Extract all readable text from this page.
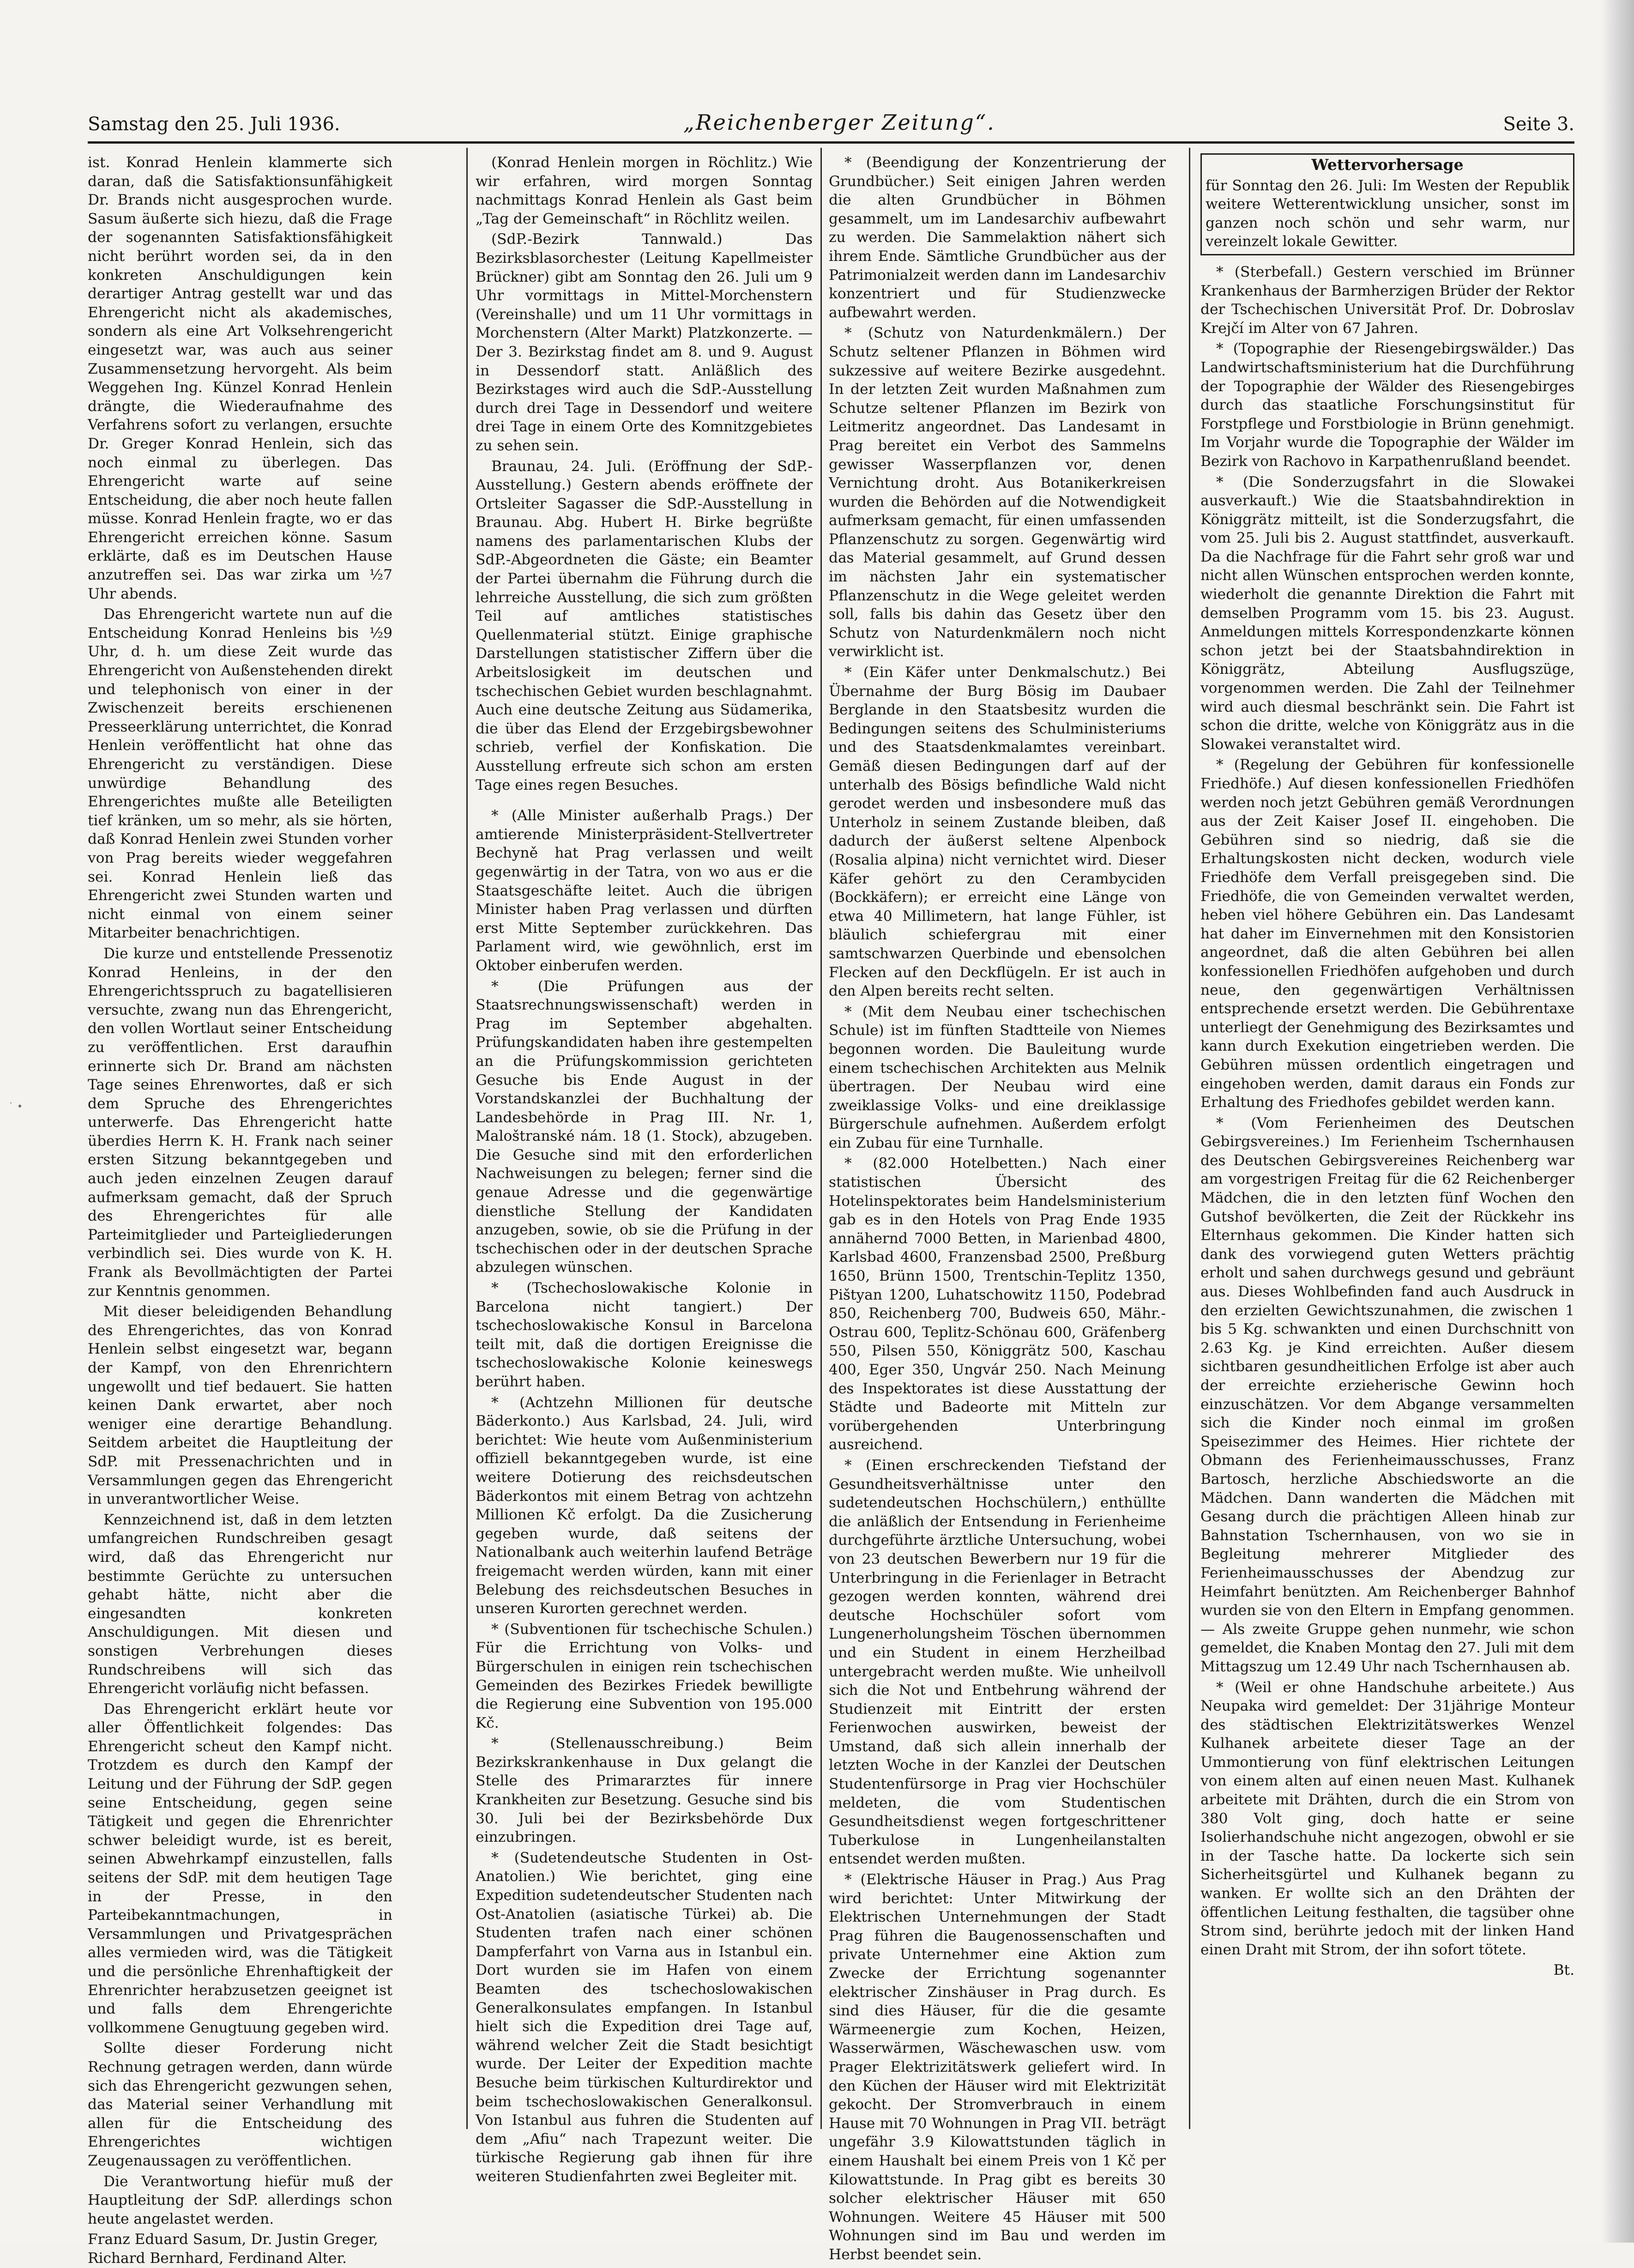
Samstag den 25. Juli 1936.	„Reichenberger Zeitung“.	Seite 3.
˙

ist. Konrad Henlein klammerte sich daran, daß die Satisfaktionsunfähigkeit Dr. Brands nicht ausgesprochen wurde. Sasum äußerte sich hiezu, daß die Frage der sogenannten Satisfaktionsfähigkeit nicht berührt worden sei, da in den konkreten Anschuldigungen kein derartiger Antrag gestellt war und das Ehrengericht nicht als akademisches, sondern als eine Art Volksehrengericht eingesetzt war, was auch aus seiner Zusammensetzung hervorgeht. Als beim Weggehen Ing. Künzel Konrad Henlein drängte, die Wiederaufnahme des Verfahrens sofort zu verlangen, ersuchte Dr. Greger Konrad Henlein, sich das noch einmal zu überlegen. Das Ehrengericht warte auf seine Entscheidung, die aber noch heute fallen müsse. Konrad Henlein fragte, wo er das Ehrengericht erreichen könne. Sasum erklärte, daß es im Deutschen Hause anzutreffen sei. Das war zirka um ½7 Uhr abends.

Das Ehrengericht wartete nun auf die Entscheidung Konrad Henleins bis ½9 Uhr, d. h. um diese Zeit wurde das Ehrengericht von Außenstehenden direkt und telephonisch von einer in der Zwischenzeit bereits erschienenen Presseerklärung unterrichtet, die Konrad Henlein veröffentlicht hat ohne das Ehrengericht zu verständigen. Diese unwürdige Behandlung des Ehrengerichtes mußte alle Beteiligten tief kränken, um so mehr, als sie hörten, daß Konrad Henlein zwei Stunden vorher von Prag bereits wieder weggefahren sei. Konrad Henlein ließ das Ehrengericht zwei Stunden warten und nicht einmal von einem seiner Mitarbeiter benachrichtigen.

Die kurze und entstellende Pressenotiz Konrad Henleins, in der den Ehrengerichtsspruch zu bagatellisieren versuchte, zwang nun das Ehrengericht, den vollen Wortlaut seiner Entscheidung zu veröffentlichen. Erst daraufhin erinnerte sich Dr. Brand am nächsten Tage seines Ehrenwortes, daß er sich dem Spruche des Ehrengerichtes unterwerfe. Das Ehrengericht hatte überdies Herrn K. H. Frank nach seiner ersten Sitzung bekanntgegeben und auch jeden einzelnen Zeugen darauf aufmerksam gemacht, daß der Spruch des Ehrengerichtes für alle Parteimitglieder und Parteigliederungen verbindlich sei. Dies wurde von K. H. Frank als Bevollmächtigten der Partei zur Kenntnis genommen.

Mit dieser beleidigenden Behandlung des Ehrengerichtes, das von Konrad Henlein selbst eingesetzt war, begann der Kampf, von den Ehrenrichtern ungewollt und tief bedauert. Sie hatten keinen Dank erwartet, aber noch weniger eine derartige Behandlung. Seitdem arbeitet die Hauptleitung der SdP. mit Pressenachrichten und in Versammlungen gegen das Ehrengericht in unverantwortlicher Weise.

Kennzeichnend ist, daß in dem letzten umfangreichen Rundschreiben gesagt wird, daß das Ehrengericht nur bestimmte Gerüchte zu untersuchen gehabt hätte, nicht aber die eingesandten konkreten Anschuldigungen. Mit diesen und sonstigen Verbrehungen dieses Rundschreibens will sich das Ehrengericht vorläufig nicht befassen.

Das Ehrengericht erklärt heute vor aller Öffentlichkeit folgendes: Das Ehrengericht scheut den Kampf nicht. Trotzdem es durch den Kampf der Leitung und der Führung der SdP. gegen seine Entscheidung, gegen seine Tätigkeit und gegen die Ehrenrichter schwer beleidigt wurde, ist es bereit, seinen Abwehrkampf einzustellen, falls seitens der SdP. mit dem heutigen Tage in der Presse, in den Parteibekanntmachungen, in Versammlungen und Privatgesprächen alles vermieden wird, was die Tätigkeit und die persönliche Ehrenhaftigkeit der Ehrenrichter herabzusetzen geeignet ist und falls dem Ehrengerichte vollkommene Genugtuung gegeben wird.

Sollte dieser Forderung nicht Rechnung getragen werden, dann würde sich das Ehrengericht gezwungen sehen, das Material seiner Verhandlung mit allen für die Entscheidung des Ehrengerichtes wichtigen Zeugenaussagen zu veröffentlichen.

Die Verantwortung hiefür muß der Hauptleitung der SdP. allerdings schon heute angelastet werden.

Franz Eduard Sasum, Dr. Justin Greger, Richard Bernhard, Ferdinand Alter.

(Konrad Henlein morgen in Röchlitz.) Wie wir erfahren, wird morgen Sonntag nachmittags Konrad Henlein als Gast beim „Tag der Gemeinschaft“ in Röchlitz weilen.

(SdP.-Bezirk Tannwald.) Das Bezirksblasorchester (Leitung Kapellmeister Brückner) gibt am Sonntag den 26. Juli um 9 Uhr vormittags in Mittel-Morchenstern (Vereinshalle) und um 11 Uhr vormittags in Morchenstern (Alter Markt) Platzkonzerte. — Der 3. Bezirkstag findet am 8. und 9. August in Dessendorf statt. Anläßlich des Bezirkstages wird auch die SdP.-Ausstellung durch drei Tage in Dessendorf und weitere drei Tage in einem Orte des Komnitzgebietes zu sehen sein.

Braunau, 24. Juli. (Eröffnung der SdP.-Ausstellung.) Gestern abends eröffnete der Ortsleiter Sagasser die SdP.-Ausstellung in Braunau. Abg. Hubert H. Birke begrüßte namens des parlamentarischen Klubs der SdP.-Abgeordneten die Gäste; ein Beamter der Partei übernahm die Führung durch die lehrreiche Ausstellung, die sich zum größten Teil auf amtliches statistisches Quellenmaterial stützt. Einige graphische Darstellungen statistischer Ziffern über die Arbeitslosigkeit im deutschen und tschechischen Gebiet wurden beschlagnahmt. Auch eine deutsche Zeitung aus Südamerika, die über das Elend der Erzgebirgsbewohner schrieb, verfiel der Konfiskation. Die Ausstellung erfreute sich schon am ersten Tage eines regen Besuches.

* (Alle Minister außerhalb Prags.) Der amtierende Ministerpräsident-Stellvertreter Bechyně hat Prag verlassen und weilt gegenwärtig in der Tatra, von wo aus er die Staatsgeschäfte leitet. Auch die übrigen Minister haben Prag verlassen und dürften erst Mitte September zurückkehren. Das Parlament wird, wie gewöhnlich, erst im Oktober einberufen werden.

* (Die Prüfungen aus der Staatsrechnungswissenschaft) werden in Prag im September abgehalten. Prüfungskandidaten haben ihre gestempelten an die Prüfungskommission gerichteten Gesuche bis Ende August in der Vorstandskanzlei der Buchhaltung der Landesbehörde in Prag III. Nr. 1, Maloštranské nám. 18 (1. Stock), abzugeben. Die Gesuche sind mit den erforderlichen Nachweisungen zu belegen; ferner sind die genaue Adresse und die gegenwärtige dienstliche Stellung der Kandidaten anzugeben, sowie, ob sie die Prüfung in der tschechischen oder in der deutschen Sprache abzulegen wünschen.

* (Tschechoslowakische Kolonie in Barcelona nicht tangiert.) Der tschechoslowakische Konsul in Barcelona teilt mit, daß die dortigen Ereignisse die tschechoslowakische Kolonie keineswegs berührt haben.

* (Achtzehn Millionen für deutsche Bäderkonto.) Aus Karlsbad, 24. Juli, wird berichtet: Wie heute vom Außenministerium offiziell bekanntgegeben wurde, ist eine weitere Dotierung des reichsdeutschen Bäderkontos mit einem Betrag von achtzehn Millionen Kč erfolgt. Da die Zusicherung gegeben wurde, daß seitens der Nationalbank auch weiterhin laufend Beträge freigemacht werden würden, kann mit einer Belebung des reichsdeutschen Besuches in unseren Kurorten gerechnet werden.

* (Subventionen für tschechische Schulen.) Für die Errichtung von Volks- und Bürgerschulen in einigen rein tschechischen Gemeinden des Bezirkes Friedek bewilligte die Regierung eine Subvention von 195.000 Kč.

* (Stellenausschreibung.) Beim Bezirkskrankenhause in Dux gelangt die Stelle des Primararztes für innere Krankheiten zur Besetzung. Gesuche sind bis 30. Juli bei der Bezirksbehörde Dux einzubringen.

* (Sudetendeutsche Studenten in Ost-Anatolien.) Wie berichtet, ging eine Expedition sudetendeutscher Studenten nach Ost-Anatolien (asiatische Türkei) ab. Die Studenten trafen nach einer schönen Dampferfahrt von Varna aus in Istanbul ein. Dort wurden sie im Hafen von einem Beamten des tschechoslowakischen Generalkonsulates empfangen. In Istanbul hielt sich die Expedition drei Tage auf, während welcher Zeit die Stadt besichtigt wurde. Der Leiter der Expedition machte Besuche beim türkischen Kulturdirektor und beim tschechoslowakischen Generalkonsul. Von Istanbul aus fuhren die Studenten auf dem „Afiu“ nach Trapezunt weiter. Die türkische Regierung gab ihnen für ihre weiteren Studienfahrten zwei Begleiter mit.

* (Beendigung der Konzentrierung der Grundbücher.) Seit einigen Jahren werden die alten Grundbücher in Böhmen gesammelt, um im Landesarchiv aufbewahrt zu werden. Die Sammelaktion nähert sich ihrem Ende. Sämtliche Grundbücher aus der Patrimonialzeit werden dann im Landesarchiv konzentriert und für Studienzwecke aufbewahrt werden.

* (Schutz von Naturdenkmälern.) Der Schutz seltener Pflanzen in Böhmen wird sukzessive auf weitere Bezirke ausgedehnt. In der letzten Zeit wurden Maßnahmen zum Schutze seltener Pflanzen im Bezirk von Leitmeritz angeordnet. Das Landesamt in Prag bereitet ein Verbot des Sammelns gewisser Wasserpflanzen vor, denen Vernichtung droht. Aus Botanikerkreisen wurden die Behörden auf die Notwendigkeit aufmerksam gemacht, für einen umfassenden Pflanzenschutz zu sorgen. Gegenwärtig wird das Material gesammelt, auf Grund dessen im nächsten Jahr ein systematischer Pflanzenschutz in die Wege geleitet werden soll, falls bis dahin das Gesetz über den Schutz von Naturdenkmälern noch nicht verwirklicht ist.

* (Ein Käfer unter Denkmalschutz.) Bei Übernahme der Burg Bösig im Daubaer Berglande in den Staatsbesitz wurden die Bedingungen seitens des Schulministeriums und des Staatsdenkmalamtes vereinbart. Gemäß diesen Bedingungen darf auf der unterhalb des Bösigs befindliche Wald nicht gerodet werden und insbesondere muß das Unterholz in seinem Zustande bleiben, daß dadurch der äußerst seltene Alpenbock (Rosalia alpina) nicht vernichtet wird. Dieser Käfer gehört zu den Cerambyciden (Bockkäfern); er erreicht eine Länge von etwa 40 Millimetern, hat lange Fühler, ist bläulich schiefergrau mit einer samtschwarzen Querbinde und ebensolchen Flecken auf den Deckflügeln. Er ist auch in den Alpen bereits recht selten.

* (Mit dem Neubau einer tschechischen Schule) ist im fünften Stadtteile von Niemes begonnen worden. Die Bauleitung wurde einem tschechischen Architekten aus Melnik übertragen. Der Neubau wird eine zweiklassige Volks- und eine dreiklassige Bürgerschule aufnehmen. Außerdem erfolgt ein Zubau für eine Turnhalle.

* (82.000 Hotelbetten.) Nach einer statistischen Übersicht des Hotelinspektorates beim Handelsministerium gab es in den Hotels von Prag Ende 1935 annähernd 7000 Betten, in Marienbad 4800, Karlsbad 4600, Franzensbad 2500, Preßburg 1650, Brünn 1500, Trentschin-Teplitz 1350, Pištyan 1200, Luhatschowitz 1150, Podebrad 850, Reichenberg 700, Budweis 650, Mähr.-Ostrau 600, Teplitz-Schönau 600, Gräfenberg 550, Pilsen 550, Königgrätz 500, Kaschau 400, Eger 350, Ungvár 250. Nach Meinung des Inspektorates ist diese Ausstattung der Städte und Badeorte mit Mitteln zur vorübergehenden Unterbringung ausreichend.

* (Einen erschreckenden Tiefstand der Gesundheitsverhältnisse unter den sudetendeutschen Hochschülern,) enthüllte die anläßlich der Entsendung in Ferienheime durchgeführte ärztliche Untersuchung, wobei von 23 deutschen Bewerbern nur 19 für die Unterbringung in die Ferienlager in Betracht gezogen werden konnten, während drei deutsche Hochschüler sofort vom Lungenerholungsheim Töschen übernommen und ein Student in einem Herzheilbad untergebracht werden mußte. Wie unheilvoll sich die Not und Entbehrung während der Studienzeit mit Eintritt der ersten Ferienwochen auswirken, beweist der Umstand, daß sich allein innerhalb der letzten Woche in der Kanzlei der Deutschen Studentenfürsorge in Prag vier Hochschüler meldeten, die vom Studentischen Gesundheitsdienst wegen fortgeschrittener Tuberkulose in Lungenheilanstalten entsendet werden mußten.

* (Elektrische Häuser in Prag.) Aus Prag wird berichtet: Unter Mitwirkung der Elektrischen Unternehmungen der Stadt Prag führen die Baugenossenschaften und private Unternehmer eine Aktion zum Zwecke der Errichtung sogenannter elektrischer Zinshäuser in Prag durch. Es sind dies Häuser, für die die gesamte Wärmeenergie zum Kochen, Heizen, Wasserwärmen, Wäschewaschen usw. vom Prager Elektrizitätswerk geliefert wird. In den Küchen der Häuser wird mit Elektrizität gekocht. Der Stromverbrauch in einem Hause mit 70 Wohnungen in Prag VII. beträgt ungefähr 3.9 Kilowattstunden täglich in einem Haushalt bei einem Preis von 1 Kč per Kilowattstunde. In Prag gibt es bereits 30 solcher elektrischer Häuser mit 650 Wohnungen. Weitere 45 Häuser mit 500 Wohnungen sind im Bau und werden im Herbst beendet sein.

Wettervorhersage
für Sonntag den 26. Juli: Im Westen der Republik weitere Wetterentwicklung unsicher, sonst im ganzen noch schön und sehr warm, nur vereinzelt lokale Gewitter.

* (Sterbefall.) Gestern verschied im Brünner Krankenhaus der Barmherzigen Brüder der Rektor der Tschechischen Universität Prof. Dr. Dobroslav Krejčí im Alter von 67 Jahren.

* (Topographie der Riesengebirgswälder.) Das Landwirtschaftsministerium hat die Durchführung der Topographie der Wälder des Riesengebirges durch das staatliche Forschungsinstitut für Forstpflege und Forstbiologie in Brünn genehmigt. Im Vorjahr wurde die Topographie der Wälder im Bezirk von Rachovo in Karpathenrußland beendet.

* (Die Sonderzugsfahrt in die Slowakei ausverkauft.) Wie die Staatsbahndirektion in Königgrätz mitteilt, ist die Sonderzugsfahrt, die vom 25. Juli bis 2. August stattfindet, ausverkauft. Da die Nachfrage für die Fahrt sehr groß war und nicht allen Wünschen entsprochen werden konnte, wiederholt die genannte Direktion die Fahrt mit demselben Programm vom 15. bis 23. August. Anmeldungen mittels Korrespondenzkarte können schon jetzt bei der Staatsbahndirektion in Königgrätz, Abteilung Ausflugszüge, vorgenommen werden. Die Zahl der Teilnehmer wird auch diesmal beschränkt sein. Die Fahrt ist schon die dritte, welche von Königgrätz aus in die Slowakei veranstaltet wird.

* (Regelung der Gebühren für konfessionelle Friedhöfe.) Auf diesen konfessionellen Friedhöfen werden noch jetzt Gebühren gemäß Verordnungen aus der Zeit Kaiser Josef II. eingehoben. Die Gebühren sind so niedrig, daß sie die Erhaltungskosten nicht decken, wodurch viele Friedhöfe dem Verfall preisgegeben sind. Die Friedhöfe, die von Gemeinden verwaltet werden, heben viel höhere Gebühren ein. Das Landesamt hat daher im Einvernehmen mit den Konsistorien angeordnet, daß die alten Gebühren bei allen konfessionellen Friedhöfen aufgehoben und durch neue, den gegenwärtigen Verhältnissen entsprechende ersetzt werden. Die Gebührentaxe unterliegt der Genehmigung des Bezirksamtes und kann durch Exekution eingetrieben werden. Die Gebühren müssen ordentlich eingetragen und eingehoben werden, damit daraus ein Fonds zur Erhaltung des Friedhofes gebildet werden kann.

* (Vom Ferienheimen des Deutschen Gebirgsvereines.) Im Ferienheim Tschernhausen des Deutschen Gebirgsvereines Reichenberg war am vorgestrigen Freitag für die 62 Reichenberger Mädchen, die in den letzten fünf Wochen den Gutshof bevölkerten, die Zeit der Rückkehr ins Elternhaus gekommen. Die Kinder hatten sich dank des vorwiegend guten Wetters prächtig erholt und sahen durchwegs gesund und gebräunt aus. Dieses Wohlbefinden fand auch Ausdruck in den erzielten Gewichtszunahmen, die zwischen 1 bis 5 Kg. schwankten und einen Durchschnitt von 2.63 Kg. je Kind erreichten. Außer diesem sichtbaren gesundheitlichen Erfolge ist aber auch der erreichte erzieherische Gewinn hoch einzuschätzen. Vor dem Abgange versammelten sich die Kinder noch einmal im großen Speisezimmer des Heimes. Hier richtete der Obmann des Ferienheimausschusses, Franz Bartosch, herzliche Abschiedsworte an die Mädchen. Dann wanderten die Mädchen mit Gesang durch die prächtigen Alleen hinab zur Bahnstation Tschernhausen, von wo sie in Begleitung mehrerer Mitglieder des Ferienheimausschusses der Abendzug zur Heimfahrt benützten. Am Reichenberger Bahnhof wurden sie von den Eltern in Empfang genommen. — Als zweite Gruppe gehen nunmehr, wie schon gemeldet, die Knaben Montag den 27. Juli mit dem Mittagszug um 12.49 Uhr nach Tschernhausen ab.

* (Weil er ohne Handschuhe arbeitete.) Aus Neupaka wird gemeldet: Der 31jährige Monteur des städtischen Elektrizitätswerkes Wenzel Kulhanek arbeitete dieser Tage an der Ummontierung von fünf elektrischen Leitungen von einem alten auf einen neuen Mast. Kulhanek arbeitete mit Drähten, durch die ein Strom von 380 Volt ging, doch hatte er seine Isolierhandschuhe nicht angezogen, obwohl er sie in der Tasche hatte. Da lockerte sich sein Sicherheitsgürtel und Kulhanek begann zu wanken. Er wollte sich an den Drähten der öffentlichen Leitung festhalten, die tagsüber ohne Strom sind, berührte jedoch mit der linken Hand einen Draht mit Strom, der ihn sofort tötete.

Bt.
